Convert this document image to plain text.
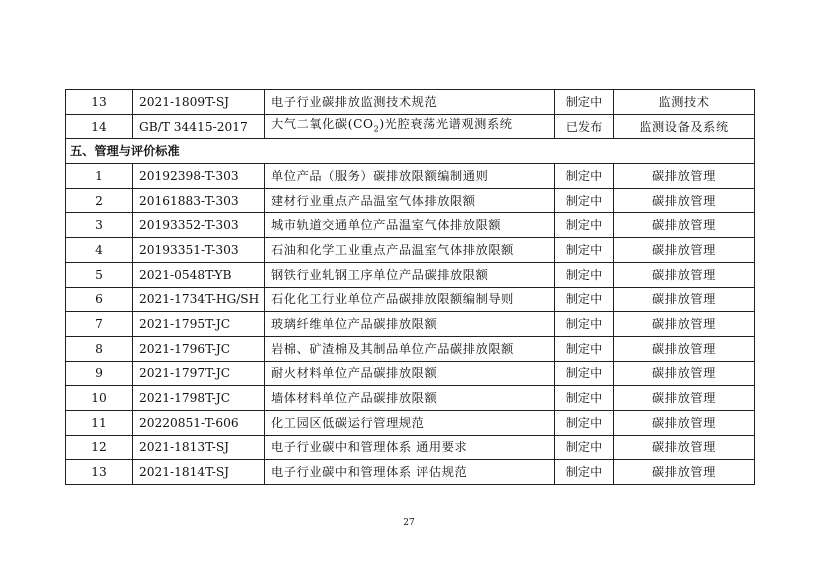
13	2021-1809T-SJ	电子行业碳排放监测技术规范	制定中	监测技术
14	GB/T 34415-2017	大气二氧化碳$(CO_2)$光腔衰荡光谱观测系统	已发布	监测设备及系统
五、管理与评价标准				
1	20192398-T-303	单位产品（服务）碳排放限额编制通则	制定中	碳排放管理
2	20161883-T-303	建材行业重点产品温室气体排放限额	制定中	碳排放管理
3	20193352-T-303	城市轨道交通单位产品温室气体排放限额	制定中	碳排放管理
4	20193351-T-303	石油和化学工业重点产品温室气体排放限额	制定中	碳排放管理
5	2021-0548T-YB	钢铁行业轧钢工序单位产品碳排放限额	制定中	碳排放管理
6	2021-1734T-HG/SH	石化化工行业单位产品碳排放限额编制导则	制定中	碳排放管理
7	2021-1795T-JC	玻璃纤维单位产品碳排放限额	制定中	碳排放管理
8	2021-1796T-JC	岩棉、矿渣棉及其制品单位产品碳排放限额	制定中	碳排放管理
9	2021-1797T-JC	耐火材料单位产品碳排放限额	制定中	碳排放管理
10	2021-1798T-JC	墙体材料单位产品碳排放限额	制定中	碳排放管理
11	20220851-T-606	化工园区低碳运行管理规范	制定中	碳排放管理
12	2021-1813T-SJ	电子行业碳中和管理体系 通用要求	制定中	碳排放管理
13	2021-1814T-SJ	电子行业碳中和管理体系 评估规范	制定中	碳排放管理
27
